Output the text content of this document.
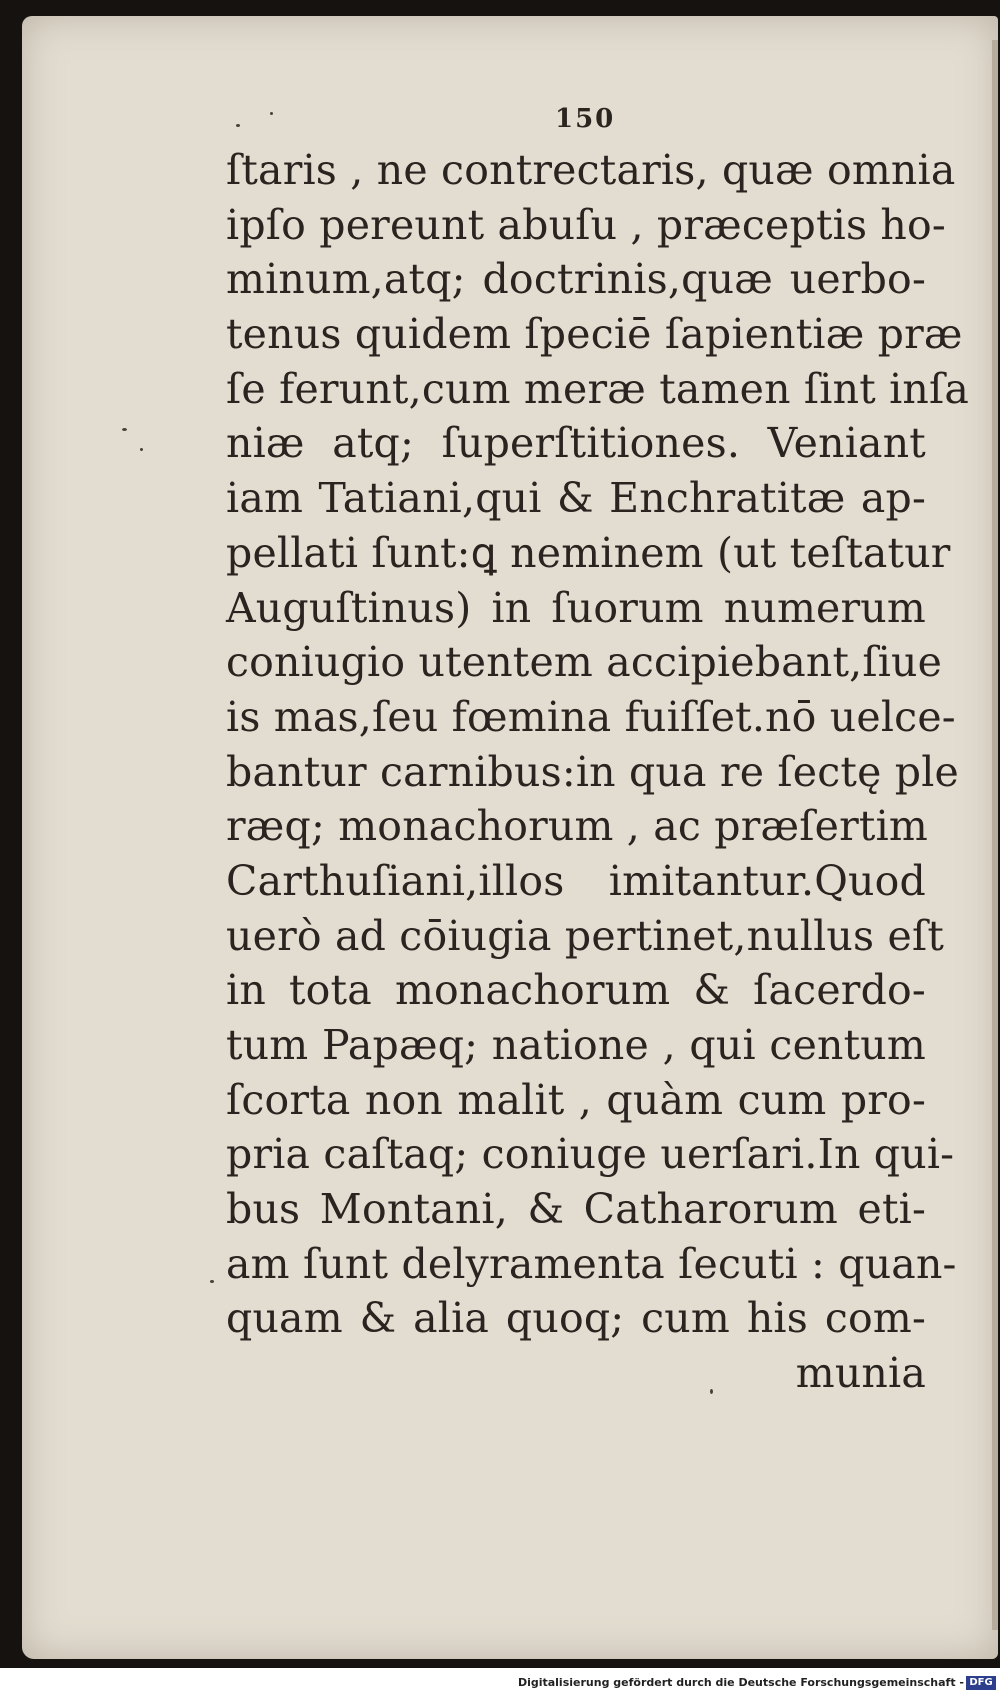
150
ſtaris , ne contrectaris, quæ omnia
ipſo pereunt abuſu , præceptis ho‐
minum,atq; doctrinis,quæ uerbo‐
tenus quidem ſpeciē ſapientiæ præ
ſe ferunt,cum meræ tamen ſint inſa
niæ atq; ſuperſtitiones. Veniant
iam Tatiani,qui & Enchratitæ ap‐
pellati ſunt:ꝗ neminem (ut teſtatur
Auguſtinus) in ſuorum numerum
coniugio utentem accipiebant,ſiue
is mas,ſeu fœmina fuiſſet.nō uelce‐
bantur carnibus:in qua re ſectę ple
ræq; monachorum , ac præſertim
Carthuſiani,illos imitantur.Quod
uerò ad cōiugia pertinet,nullus eſt
in tota monachorum & ſacerdo‐
tum Papæq; natione , qui centum
ſcorta non malit , quàm cum pro‐
pria caſtaq; coniuge uerſari.In qui‐
bus Montani, & Catharorum eti‐
am ſunt delyramenta ſecuti : quan‐
quam & alia quoq; cum his com‐
munia
Digitalisierung gefördert durch die Deutsche Forschungsgemeinschaft - DFG
